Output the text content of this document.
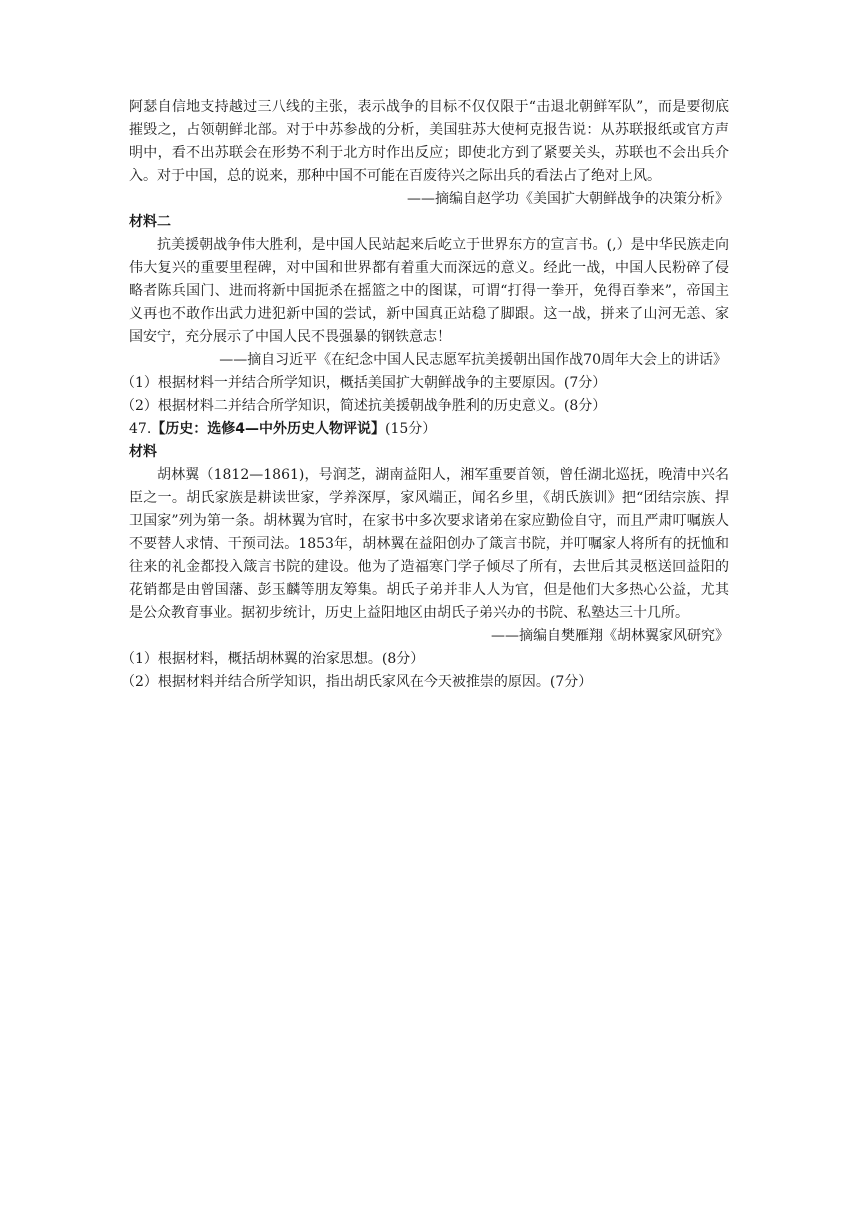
阿瑟自信地支持越过三八线的主张，表示战争的目标不仅仅限于“击退北朝鲜军队”，而是要彻底摧毁之，占领朝鲜北部。对于中苏参战的分析，美国驻苏大使柯克报告说：从苏联报纸或官方声明中，看不出苏联会在形势不利于北方时作出反应；即使北方到了紧要关头，苏联也不会出兵介入。对于中国，总的说来，那种中国不可能在百废待兴之际出兵的看法占了绝对上风。

——摘编自赵学功《美国扩大朝鲜战争的决策分析》

材料二

抗美援朝战争伟大胜利，是中国人民站起来后屹立于世界东方的宣言书。(,）是中华民族走向伟大复兴的重要里程碑，对中国和世界都有着重大而深远的意义。经此一战，中国人民粉碎了侵略者陈兵国门、进而将新中国扼杀在摇篮之中的图谋，可谓“打得一拳开，免得百拳来”，帝国主义再也不敢作出武力进犯新中国的尝试，新中国真正站稳了脚跟。这一战，拼来了山河无恙、家国安宁，充分展示了中国人民不畏强暴的钢铁意志！

——摘自习近平《在纪念中国人民志愿军抗美援朝出国作战70周年大会上的讲话》

（1）根据材料一并结合所学知识，概括美国扩大朝鲜战争的主要原因。(7分）

（2）根据材料二并结合所学知识，简述抗美援朝战争胜利的历史意义。(8分）

47.【历史：选修4—中外历史人物评说】(15分）

材料

胡林翼（1812—1861)，号润芝，湖南益阳人，湘军重要首领，曾任湖北巡抚，晚清中兴名臣之一。胡氏家族是耕读世家，学养深厚，家风端正，闻名乡里，《胡氏族训》把“团结宗族、捍卫国家”列为第一条。胡林翼为官时，在家书中多次要求诸弟在家应勤俭自守，而且严肃叮嘱族人不要替人求情、干预司法。1853年，胡林翼在益阳创办了箴言书院，并叮嘱家人将所有的抚恤和往来的礼金都投入箴言书院的建设。他为了造福寒门学子倾尽了所有，去世后其灵柩送回益阳的花销都是由曾国藩、彭玉麟等朋友筹集。胡氏子弟并非人人为官，但是他们大多热心公益，尤其是公众教育事业。据初步统计，历史上益阳地区由胡氏子弟兴办的书院、私塾达三十几所。

——摘编自樊雁翔《胡林翼家风研究》

（1）根据材料，概括胡林翼的治家思想。(8分）

（2）根据材料并结合所学知识，指出胡氏家风在今天被推崇的原因。(7分）
